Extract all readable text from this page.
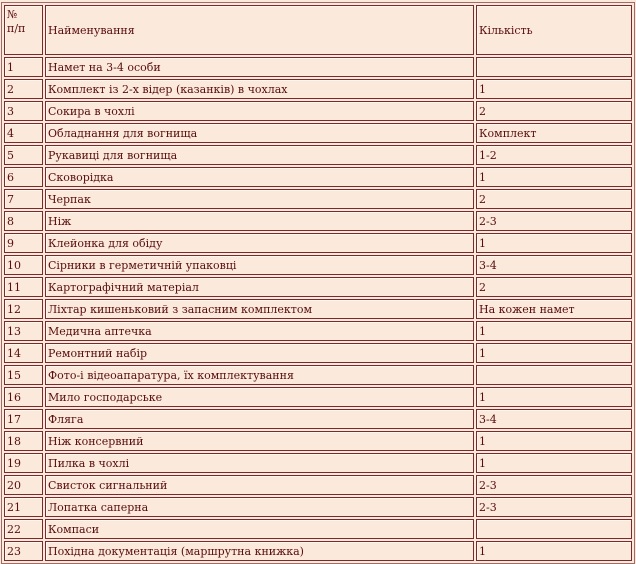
№
п/п	Найменування	Кількість
1	Намет на 3-4 особи	
2	Комплект із 2-х відер (казанків) в чохлах	1
3	Сокира в чохлі	2
4	Обладнання для вогнища	Комплект
5	Рукавиці для вогнища	1-2
6	Сковорідка	1
7	Черпак	2
8	Ніж	2-3
9	Клейонка для обіду	1
10	Сірники в герметичній упаковці	3-4
11	Картографічний матеріал	2
12	Ліхтар кишеньковий з запасним комплектом	На кожен намет
13	Медична аптечка	1
14	Ремонтний набір	1
15	Фото-і відеоапаратура, їх комплектування	
16	Мило господарське	1
17	Фляга	3-4
18	Ніж консервний	1
19	Пилка в чохлі	1
20	Свисток сигнальний	2-3
21	Лопатка саперна	2-3
22	Компаси	
23	Похідна документація (маршрутна книжка)	1
